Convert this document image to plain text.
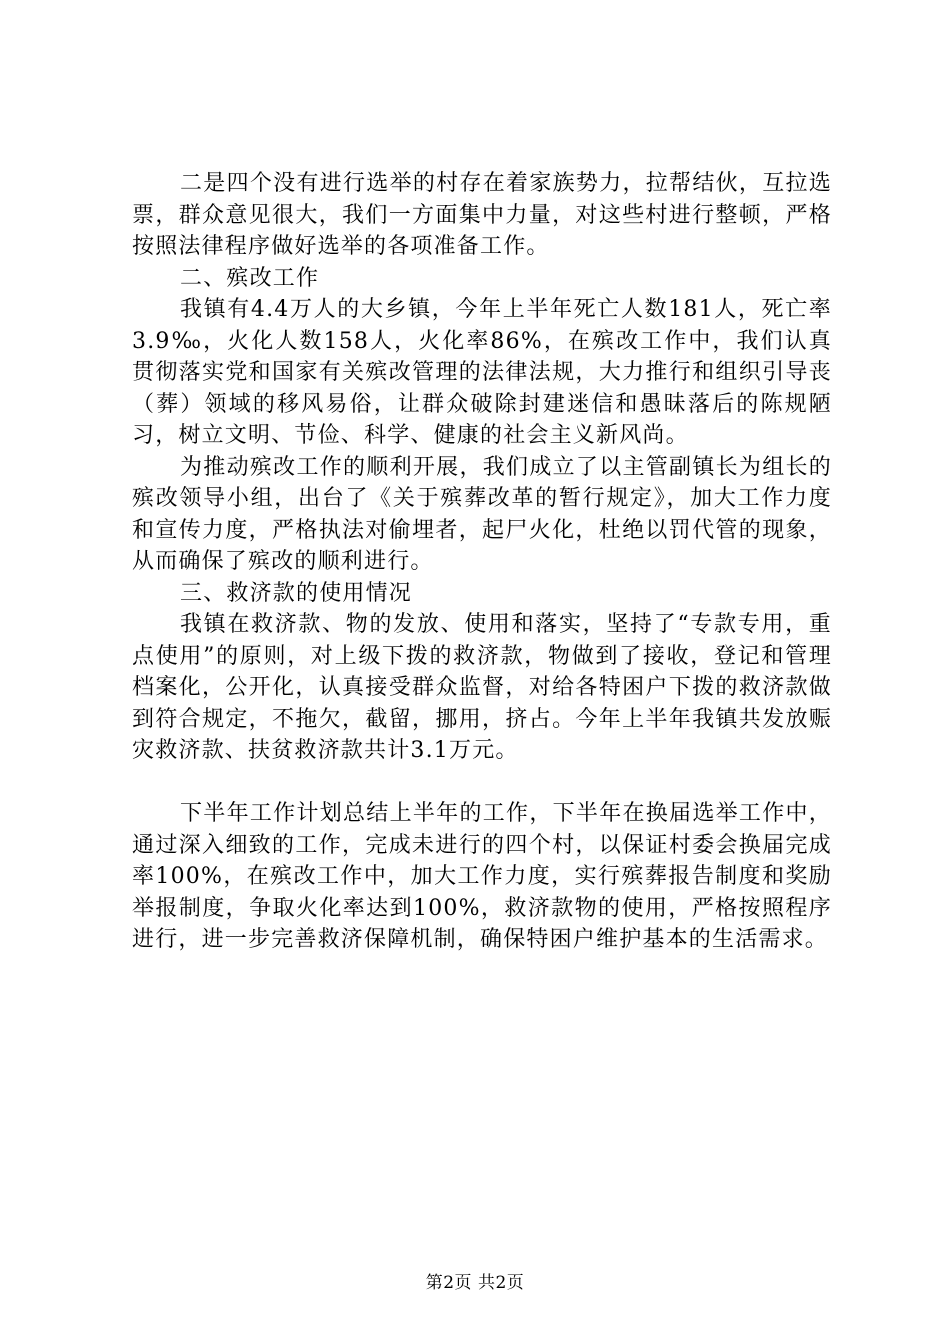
二是四个没有进行选举的村存在着家族势力，拉帮结伙，互拉选票，群众意见很大，我们一方面集中力量，对这些村进行整顿，严格按照法律程序做好选举的各项准备工作。

二、殡改工作

我镇有4.4万人的大乡镇，今年上半年死亡人数181人，死亡率3.9‰，火化人数158人，火化率86%，在殡改工作中，我们认真贯彻落实党和国家有关殡改管理的法律法规，大力推行和组织引导丧（葬）领域的移风易俗，让群众破除封建迷信和愚昧落后的陈规陋习，树立文明、节俭、科学、健康的社会主义新风尚。

为推动殡改工作的顺利开展，我们成立了以主管副镇长为组长的殡改领导小组，出台了《关于殡葬改革的暂行规定》，加大工作力度和宣传力度，严格执法对偷埋者，起尸火化，杜绝以罚代管的现象，从而确保了殡改的顺利进行。

三、救济款的使用情况

我镇在救济款、物的发放、使用和落实，坚持了“专款专用，重点使用”的原则，对上级下拨的救济款，物做到了接收，登记和管理档案化，公开化，认真接受群众监督，对给各特困户下拨的救济款做到符合规定，不拖欠，截留，挪用，挤占。今年上半年我镇共发放赈灾救济款、扶贫救济款共计3.1万元。

下半年工作计划总结上半年的工作，下半年在换届选举工作中，通过深入细致的工作，完成未进行的四个村，以保证村委会换届完成率100%，在殡改工作中，加大工作力度，实行殡葬报告制度和奖励举报制度，争取火化率达到100%，救济款物的使用，严格按照程序进行，进一步完善救济保障机制，确保特困户维护基本的生活需求。

第2页 共2页
